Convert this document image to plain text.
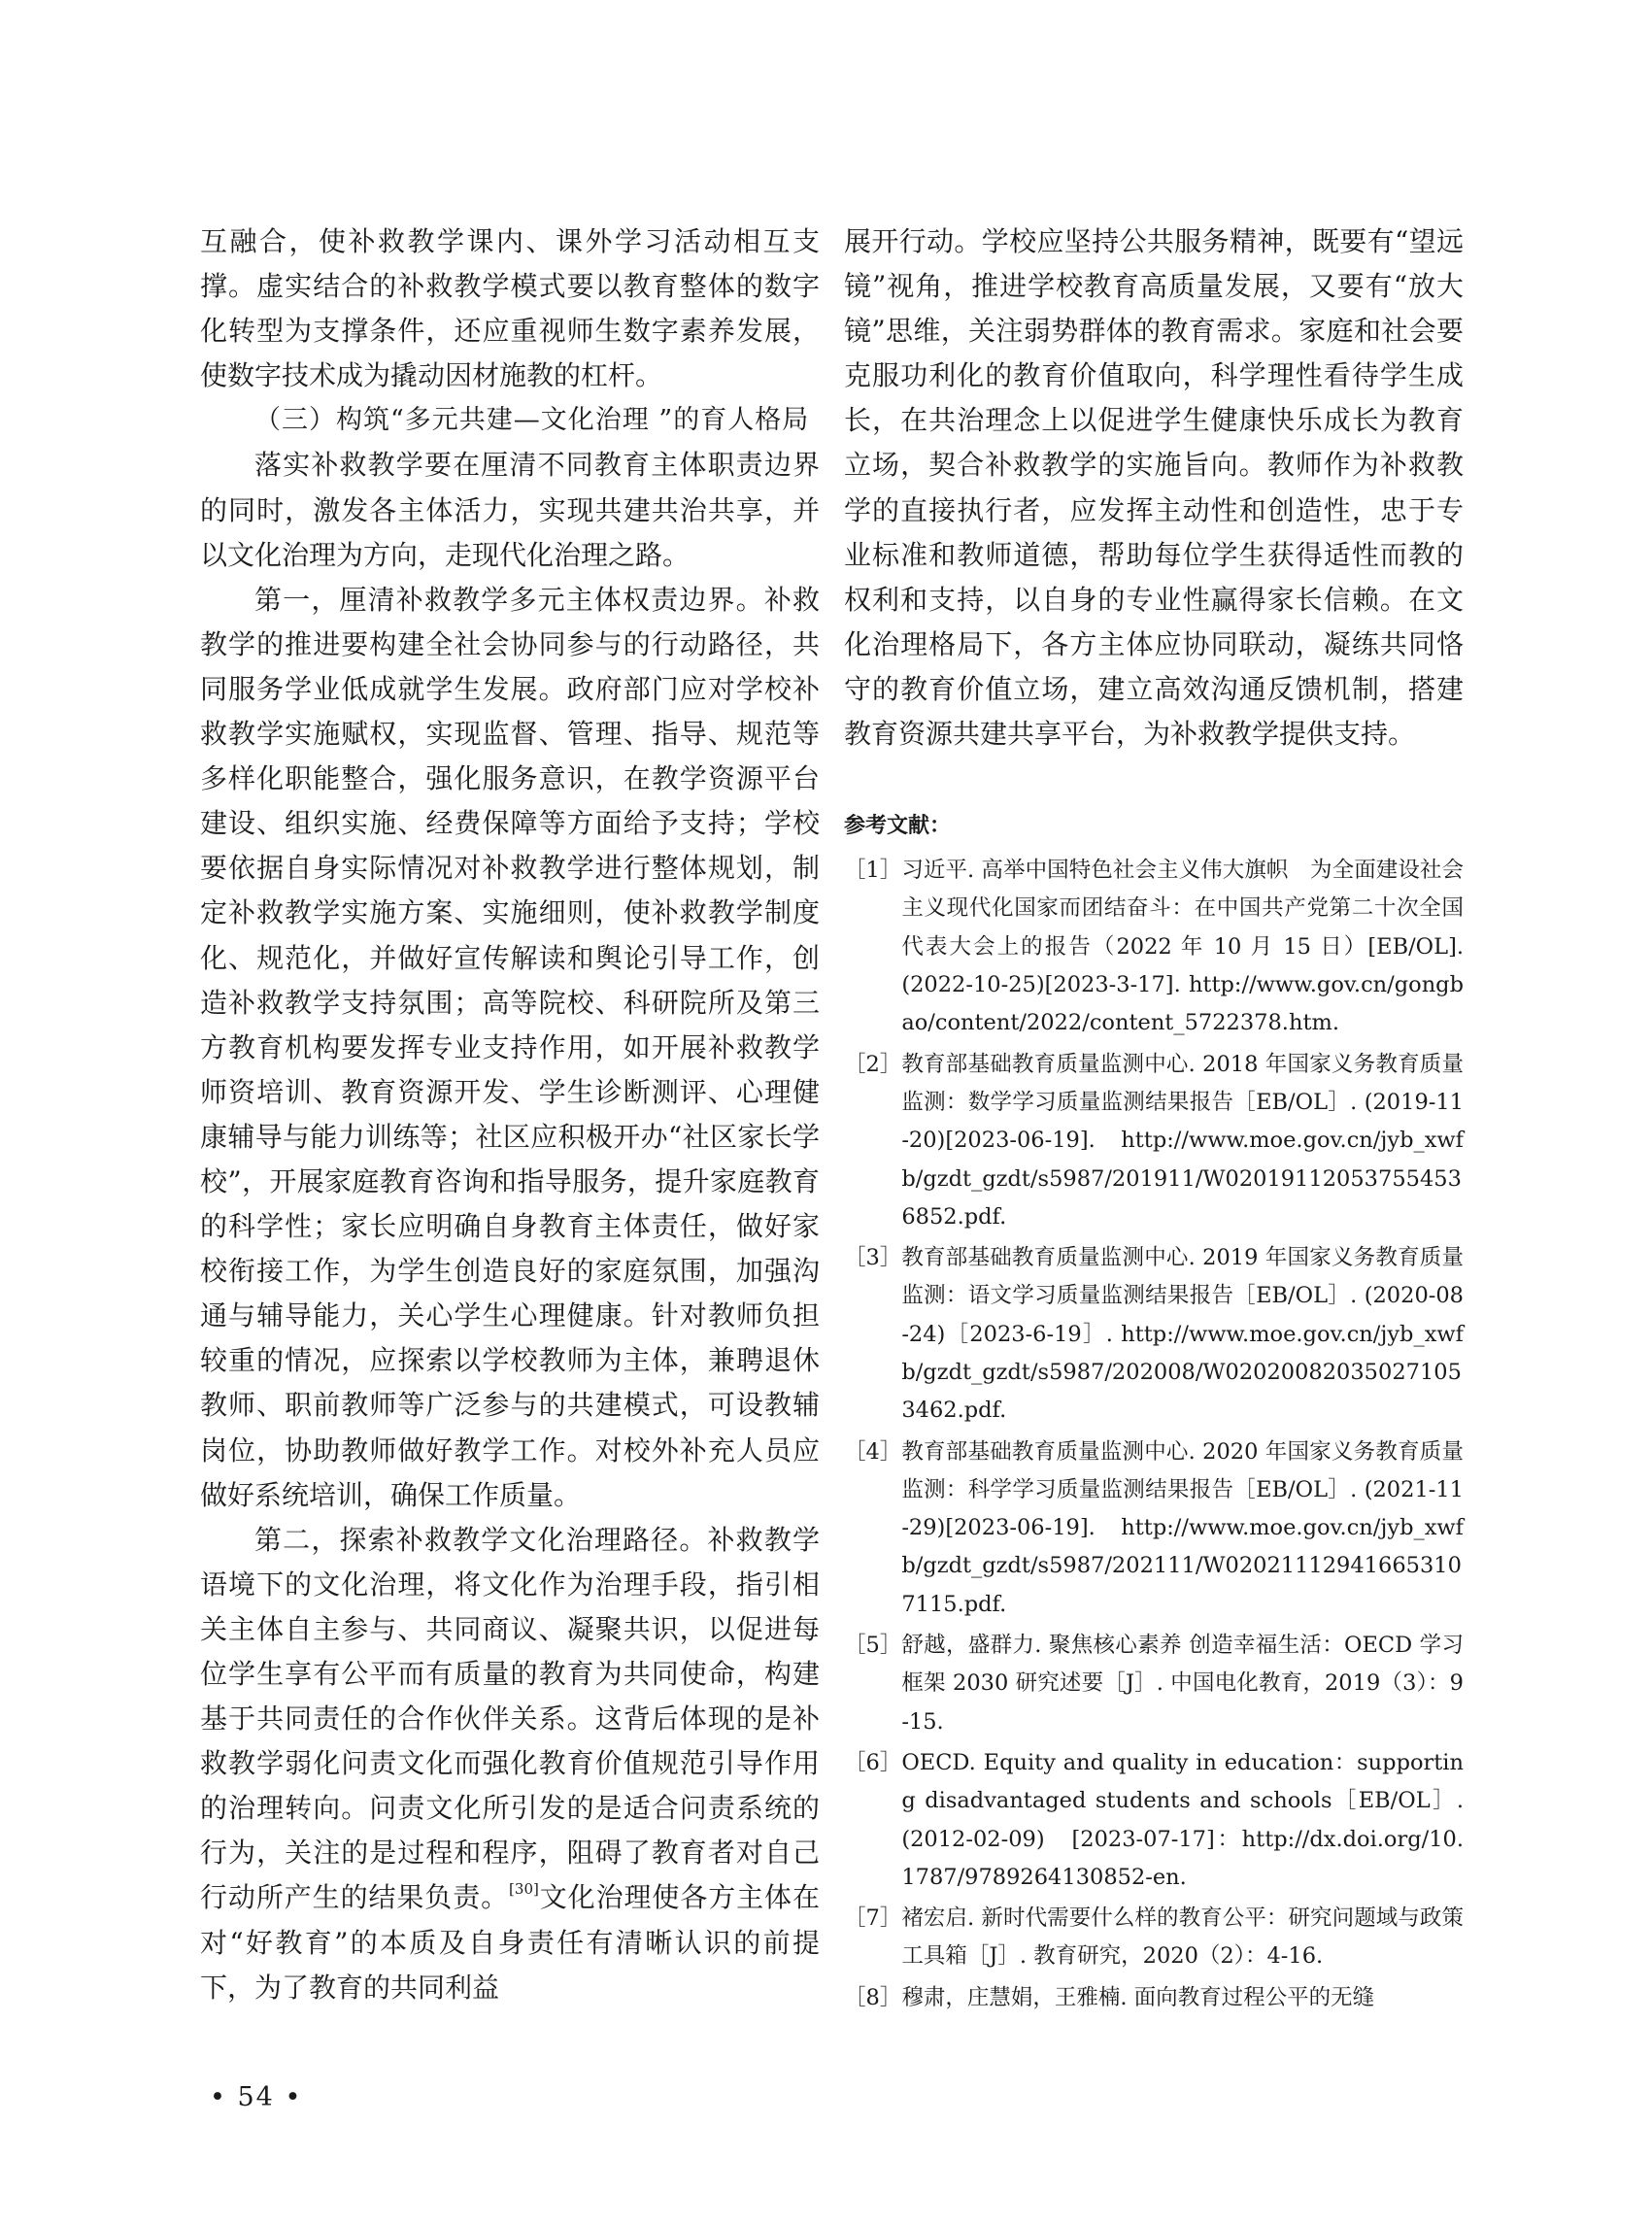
互融合，使补救教学课内、课外学习活动相互支撑。虚实结合的补救教学模式要以教育整体的数字化转型为支撑条件，还应重视师生数字素养发展，使数字技术成为撬动因材施教的杠杆。

（三）构筑“多元共建—文化治理 ”的育人格局

落实补救教学要在厘清不同教育主体职责边界的同时，激发各主体活力，实现共建共治共享，并以文化治理为方向，走现代化治理之路。

第一，厘清补救教学多元主体权责边界。补救教学的推进要构建全社会协同参与的行动路径，共同服务学业低成就学生发展。政府部门应对学校补救教学实施赋权，实现监督、管理、指导、规范等多样化职能整合，强化服务意识，在教学资源平台建设、组织实施、经费保障等方面给予支持；学校要依据自身实际情况对补救教学进行整体规划，制定补救教学实施方案、实施细则，使补救教学制度化、规范化，并做好宣传解读和舆论引导工作，创造补救教学支持氛围；高等院校、科研院所及第三方教育机构要发挥专业支持作用，如开展补救教学师资培训、教育资源开发、学生诊断测评、心理健康辅导与能力训练等；社区应积极开办“社区家长学校”，开展家庭教育咨询和指导服务，提升家庭教育的科学性；家长应明确自身教育主体责任，做好家校衔接工作，为学生创造良好的家庭氛围，加强沟通与辅导能力，关心学生心理健康。针对教师负担较重的情况，应探索以学校教师为主体，兼聘退休教师、职前教师等广泛参与的共建模式，可设教辅岗位，协助教师做好教学工作。对校外补充人员应做好系统培训，确保工作质量。

第二，探索补救教学文化治理路径。补救教学语境下的文化治理，将文化作为治理手段，指引相关主体自主参与、共同商议、凝聚共识，以促进每位学生享有公平而有质量的教育为共同使命，构建基于共同责任的合作伙伴关系。这背后体现的是补救教学弱化问责文化而强化教育价值规范引导作用的治理转向。问责文化所引发的是适合问责系统的行为，关注的是过程和程序，阻碍了教育者对自己行动所产生的结果负责。[30]文化治理使各方主体在对“好教育”的本质及自身责任有清晰认识的前提下，为了教育的共同利益

展开行动。学校应坚持公共服务精神，既要有“望远镜”视角，推进学校教育高质量发展，又要有“放大镜”思维，关注弱势群体的教育需求。家庭和社会要克服功利化的教育价值取向，科学理性看待学生成长，在共治理念上以促进学生健康快乐成长为教育立场，契合补救教学的实施旨向。教师作为补救教学的直接执行者，应发挥主动性和创造性，忠于专业标准和教师道德，帮助每位学生获得适性而教的权利和支持，以自身的专业性赢得家长信赖。在文化治理格局下，各方主体应协同联动，凝练共同恪守的教育价值立场，建立高效沟通反馈机制，搭建教育资源共建共享平台，为补救教学提供支持。

参考文献：
［1］ 习近平. 高举中国特色社会主义伟大旗帜　为全面建设社会主义现代化国家而团结奋斗：在中国共产党第二十次全国代表大会上的报告（2022 年 10 月 15 日）[EB/OL].　(2022-10-25)[2023-3-17]. http://www.gov.cn/gongbao/content/2022/content_5722378.htm.
［2］ 教育部基础教育质量监测中心. 2018 年国家义务教育质量监测：数学学习质量监测结果报告［EB/OL］. (2019-11-20)[2023-06-19]. http://www.moe.gov.cn/jyb_xwfb/gzdt_gzdt/s5987/201911/W020191120537554536852.pdf.
［3］ 教育部基础教育质量监测中心. 2019 年国家义务教育质量监测：语文学习质量监测结果报告［EB/OL］. (2020-08-24)［2023-6-19］. http://www.moe.gov.cn/jyb_xwfb/gzdt_gzdt/s5987/202008/W020200820350271053462.pdf.
［4］ 教育部基础教育质量监测中心. 2020 年国家义务教育质量监测：科学学习质量监测结果报告［EB/OL］. (2021-11-29)[2023-06-19]. http://www.moe.gov.cn/jyb_xwfb/gzdt_gzdt/s5987/202111/W020211129416653107115.pdf.
［5］ 舒越，盛群力. 聚焦核心素养 创造幸福生活：OECD 学习框架 2030 研究述要［J］. 中国电化教育，2019（3）：9-15.
［6］ OECD. Equity and quality in education：supporting disadvantaged students and schools［EB/OL］.(2012-02-09)　[2023-07-17]：http://dx.doi.org/10.1787/9789264130852-en.
［7］ 褚宏启. 新时代需要什么样的教育公平：研究问题域与政策工具箱［J］. 教育研究，2020（2）：4-16.
［8］ 穆肃，庄慧娟，王雅楠. 面向教育过程公平的无缝
• 54 •
